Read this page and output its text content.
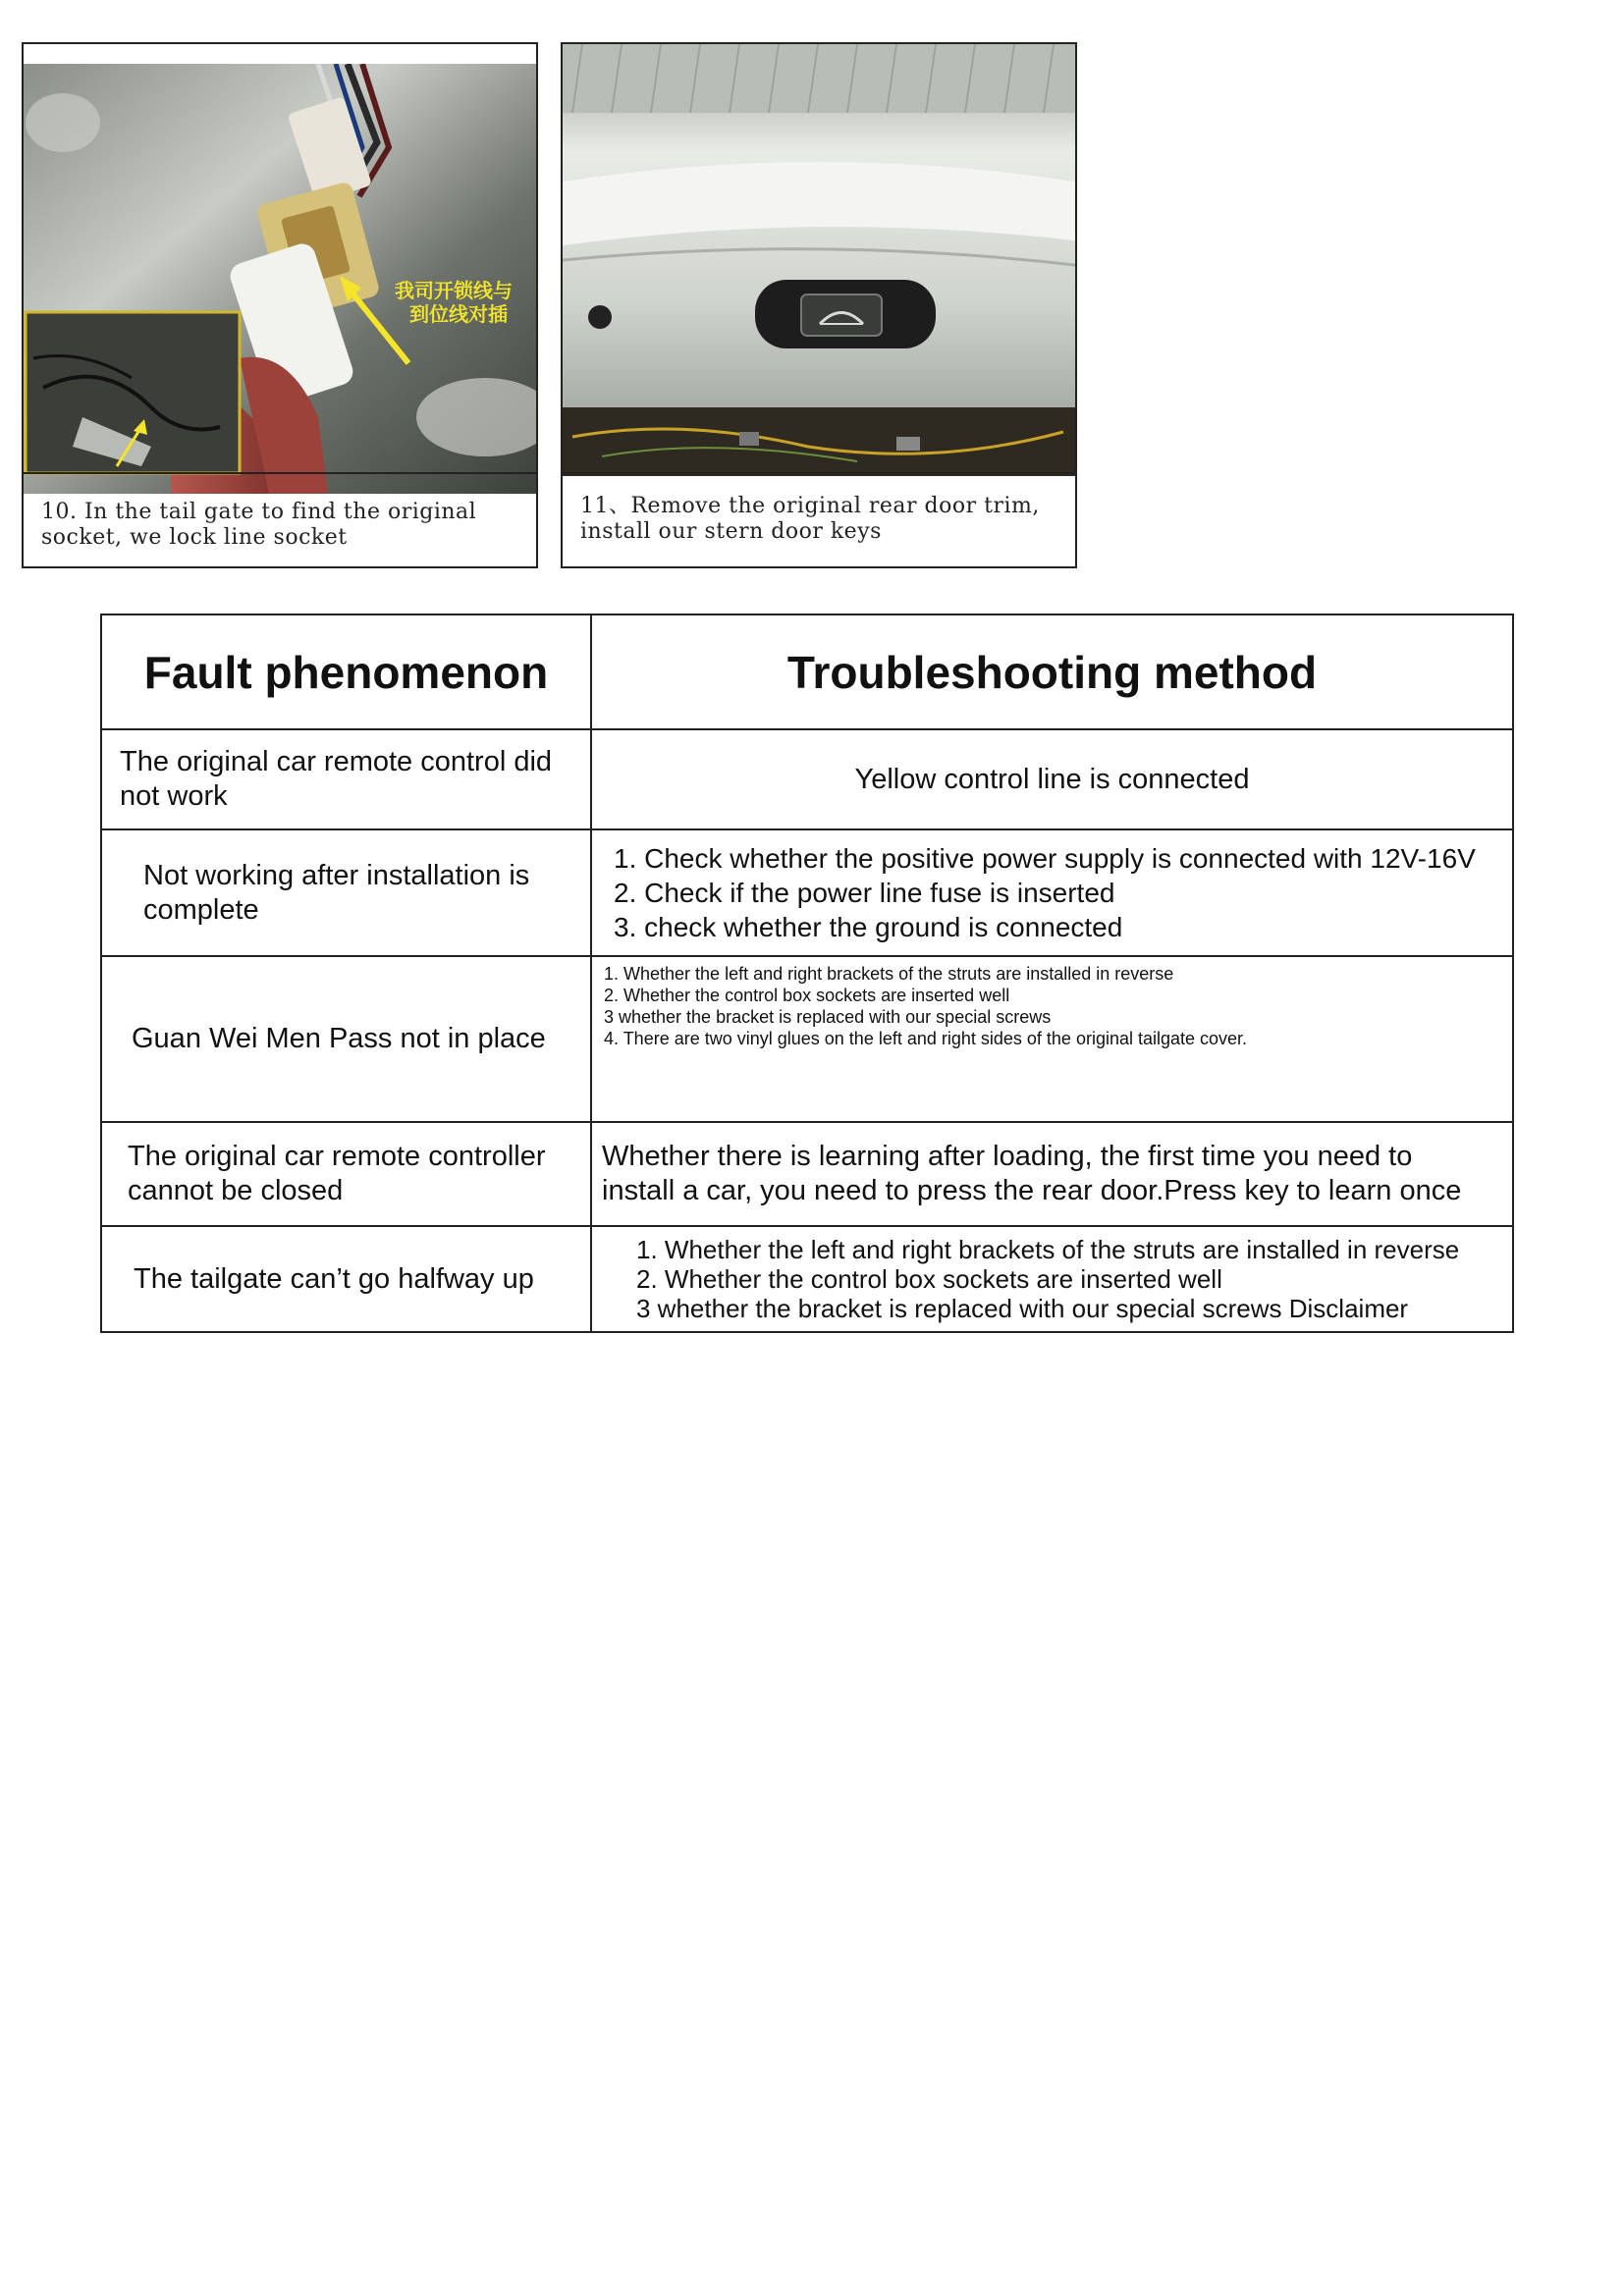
我司开锁线与
到位线对插
10. In the tail gate to find the original socket, we lock line socket
11、Remove the original rear door trim, install our stern door keys
Fault phenomenon	Troubleshooting method
The original car remote control did
not work	Yellow control line is connected
Not working after installation is
complete	1. Check whether the positive power supply is connected with 12V-16V
2. Check if the power line fuse is inserted
3. check whether the ground is connected
Guan Wei Men Pass not in place	1. Whether the left and right brackets of the struts are installed in reverse
2. Whether the control box sockets are inserted well
3 whether the bracket is replaced with our special screws
4. There are two vinyl glues on the left and right sides of the original tailgate cover.
The original car remote controller
cannot be closed	Whether there is learning after loading, the first time you need to
install a car, you need to press the rear door.Press key to learn once
The tailgate can’t go halfway up	1. Whether the left and right brackets of the struts are installed in reverse
2. Whether the control box sockets are inserted well
3 whether the bracket is replaced with our special screws Disclaimer
